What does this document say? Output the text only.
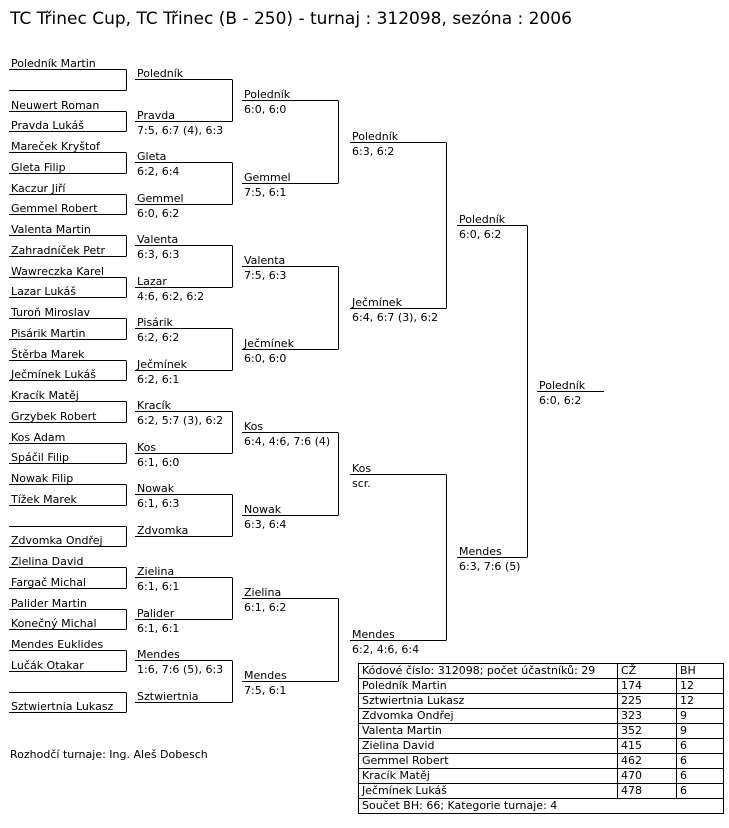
TC Třinec Cup, TC Třinec (B - 250) - turnaj : 312098, sezóna : 2006
Poledník Martin
Neuwert Roman
Pravda Lukáš
Mareček Kryštof
Gleta Filip
Kaczur Jiří
Gemmel Robert
Valenta Martin
Zahradníček Petr
Wawreczka Karel
Lazar Lukáš
Turoň Miroslav
Pisárik Martin
Štěrba Marek
Ječmínek Lukáš
Kracík Matěj
Grzybek Robert
Kos Adam
Spáčil Filip
Nowak Filip
Tížek Marek
Zdvomka Ondřej
Zielina David
Fargač Michal
Palider Martin
Konečný Michal
Mendes Euklides
Lučák Otakar
Sztwiertnia Lukasz
Poledník
Pravda
7:5, 6:7 (4), 6:3
Gleta
6:2, 6:4
Gemmel
6:0, 6:2
Valenta
6:3, 6:3
Lazar
4:6, 6:2, 6:2
Pisárik
6:2, 6:2
Ječmínek
6:2, 6:1
Kracík
6:2, 5:7 (3), 6:2
Kos
6:1, 6:0
Nowak
6:1, 6:3
Zdvomka
Zielina
6:1, 6:1
Palider
6:1, 6:1
Mendes
1:6, 7:6 (5), 6:3
Sztwiertnia
Poledník
6:0, 6:0
Gemmel
7:5, 6:1
Valenta
7:5, 6:3
Ječmínek
6:0, 6:0
Kos
6:4, 4:6, 7:6 (4)
Nowak
6:3, 6:4
Zielina
6:1, 6:2
Mendes
7:5, 6:1
Poledník
6:3, 6:2
Ječmínek
6:4, 6:7 (3), 6:2
Kos
scr.
Mendes
6:2, 4:6, 6:4
Poledník
6:0, 6:2
Mendes
6:3, 7:6 (5)
Poledník
6:0, 6:2
Rozhodčí turnaje: Ing. Aleš Dobesch
Kódové číslo: 312098; počet účastníků: 29	CŽ	BH
Poledník Martin	174	12
Sztwiertnia Lukasz	225	12
Zdvomka Ondřej	323	9
Valenta Martin	352	9
Zielina David	415	6
Gemmel Robert	462	6
Kracík Matěj	470	6
Ječmínek Lukáš	478	6
Součet BH: 66; Kategorie turnaje: 4		
